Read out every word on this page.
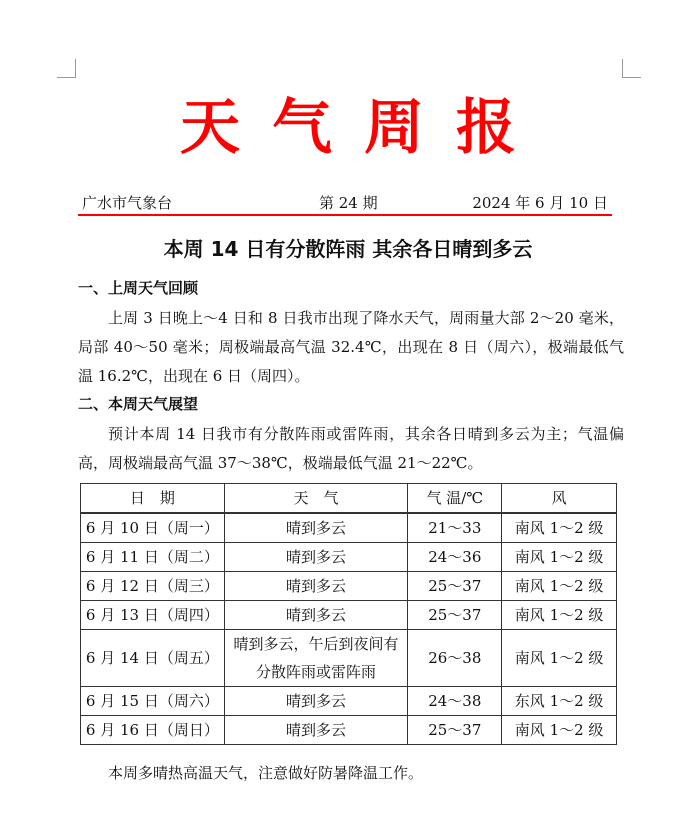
天气周报
广水市气象台	第 24 期	2024 年 6 月 10 日
本周 14 日有分散阵雨 其余各日晴到多云
一、上周天气回顾
上周 3 日晚上～4 日和 8 日我市出现了降水天气，周雨量大部 2～20 毫米，局部 40～50 毫米；周极端最高气温 32.4℃，出现在 8 日（周六），极端最低气温 16.2℃，出现在 6 日（周四）。
二、本周天气展望
预计本周 14 日我市有分散阵雨或雷阵雨，其余各日晴到多云为主；气温偏高，周极端最高气温 37～38℃，极端最低气温 21～22℃。
日　期	天　气	气 温/℃	风
6 月 10 日（周一）	晴到多云	21～33	南风 1～2 级
6 月 11 日（周二）	晴到多云	24～36	南风 1～2 级
6 月 12 日（周三）	晴到多云	25～37	南风 1～2 级
6 月 13 日（周四）	晴到多云	25～37	南风 1～2 级
6 月 14 日（周五）	晴到多云，午后到夜间有分散阵雨或雷阵雨	26～38	南风 1～2 级
6 月 15 日（周六）	晴到多云	24～38	东风 1～2 级
6 月 16 日（周日）	晴到多云	25～37	南风 1～2 级
本周多晴热高温天气，注意做好防暑降温工作。
